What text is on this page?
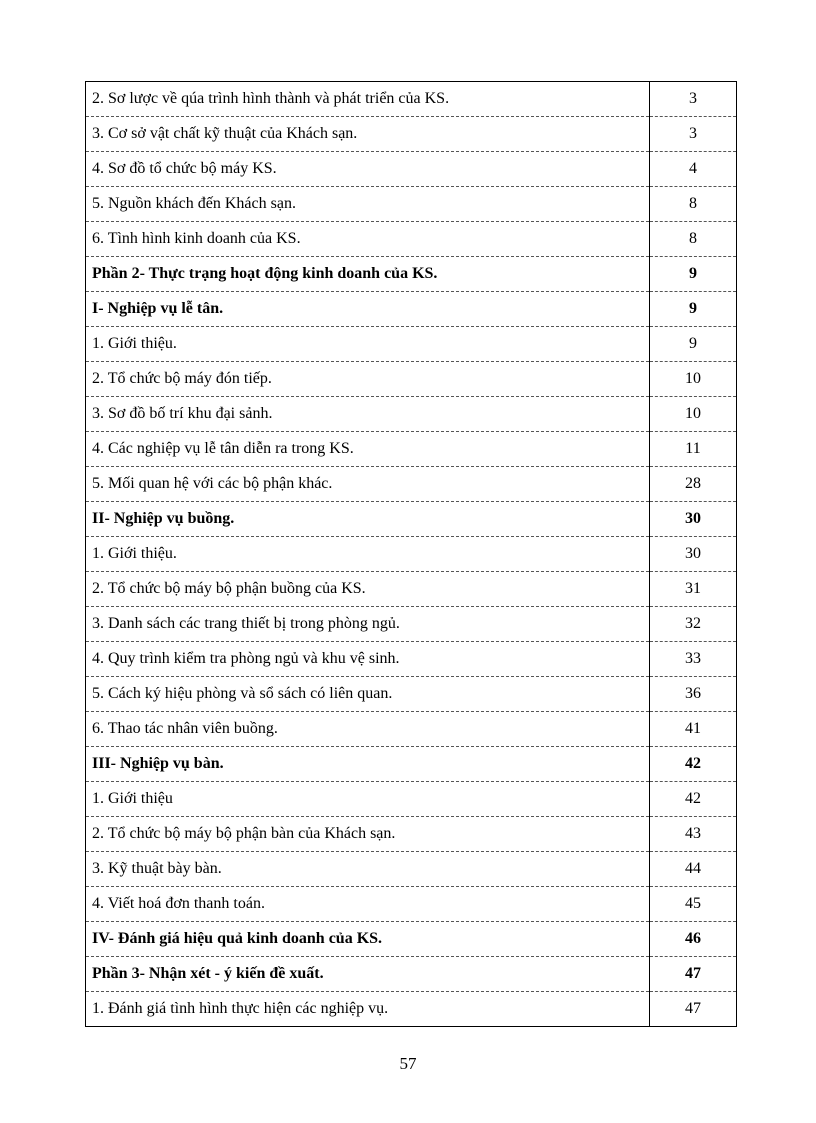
2. Sơ lược về qúa trình hình thành và phát triển của KS.	3
3. Cơ sở vật chất kỹ thuật của Khách sạn.	3
4. Sơ đồ tổ chức bộ máy KS.	4
5. Nguồn khách đến Khách sạn.	8
6. Tình hình kinh doanh của KS.	8
Phần 2- Thực trạng hoạt động kinh doanh của KS.	9
I- Nghiệp vụ lễ tân.	9
1. Giới thiệu.	9
2. Tổ chức bộ máy đón tiếp.	10
3. Sơ đồ bố trí khu đại sảnh.	10
4. Các nghiệp vụ lễ tân diễn ra trong KS.	11
5. Mối quan hệ với các bộ phận khác.	28
II- Nghiệp vụ buồng.	30
1. Giới thiệu.	30
2. Tổ chức bộ máy bộ phận buồng của KS.	31
3. Danh sách các trang thiết bị trong phòng ngủ.	32
4. Quy trình kiểm tra phòng ngủ và khu vệ sinh.	33
5. Cách ký hiệu phòng và sổ sách có liên quan.	36
6. Thao tác nhân viên buồng.	41
III- Nghiệp vụ bàn.	42
1. Giới thiệu	42
2. Tổ chức bộ máy bộ phận bàn của Khách sạn.	43
3. Kỹ thuật bày bàn.	44
4. Viết hoá đơn thanh toán.	45
IV- Đánh giá hiệu quả kinh doanh của KS.	46
Phần 3- Nhận xét - ý kiến đề xuất.	47
1. Đánh giá tình hình thực hiện các nghiệp vụ.	47
57
